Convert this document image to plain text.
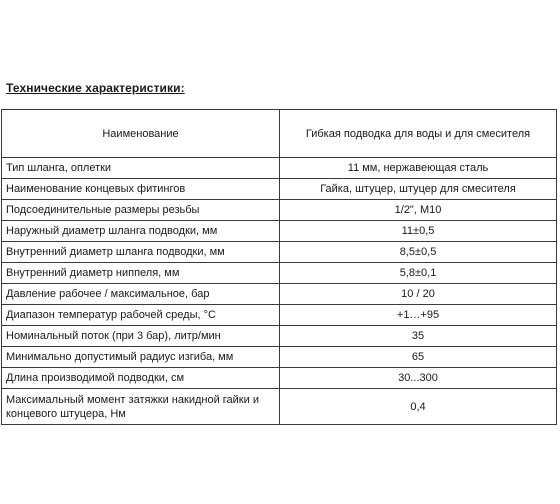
Технические характеристики:
Наименование	Гибкая подводка для воды и для смесителя
Тип шланга, оплетки	11 мм, нержавеющая сталь
Наименование концевых фитингов	Гайка, штуцер, штуцер для смесителя
Подсоединительные размеры резьбы	1/2", М10
Наружный диаметр шланга подводки, мм	11±0,5
Внутренний диаметр шланга подводки, мм	8,5±0,5
Внутренний диаметр ниппеля, мм	5,8±0,1
Давление рабочее / максимальное, бар	10 / 20
Диапазон температур рабочей среды, °С	+1…+95
Номинальный поток (при 3 бар), литр/мин	35
Минимально допустимый радиус изгиба, мм	65
Длина производимой подводки, см	30...300
Максимальный момент затяжки накидной гайки и концевого штуцера, Нм	0,4
